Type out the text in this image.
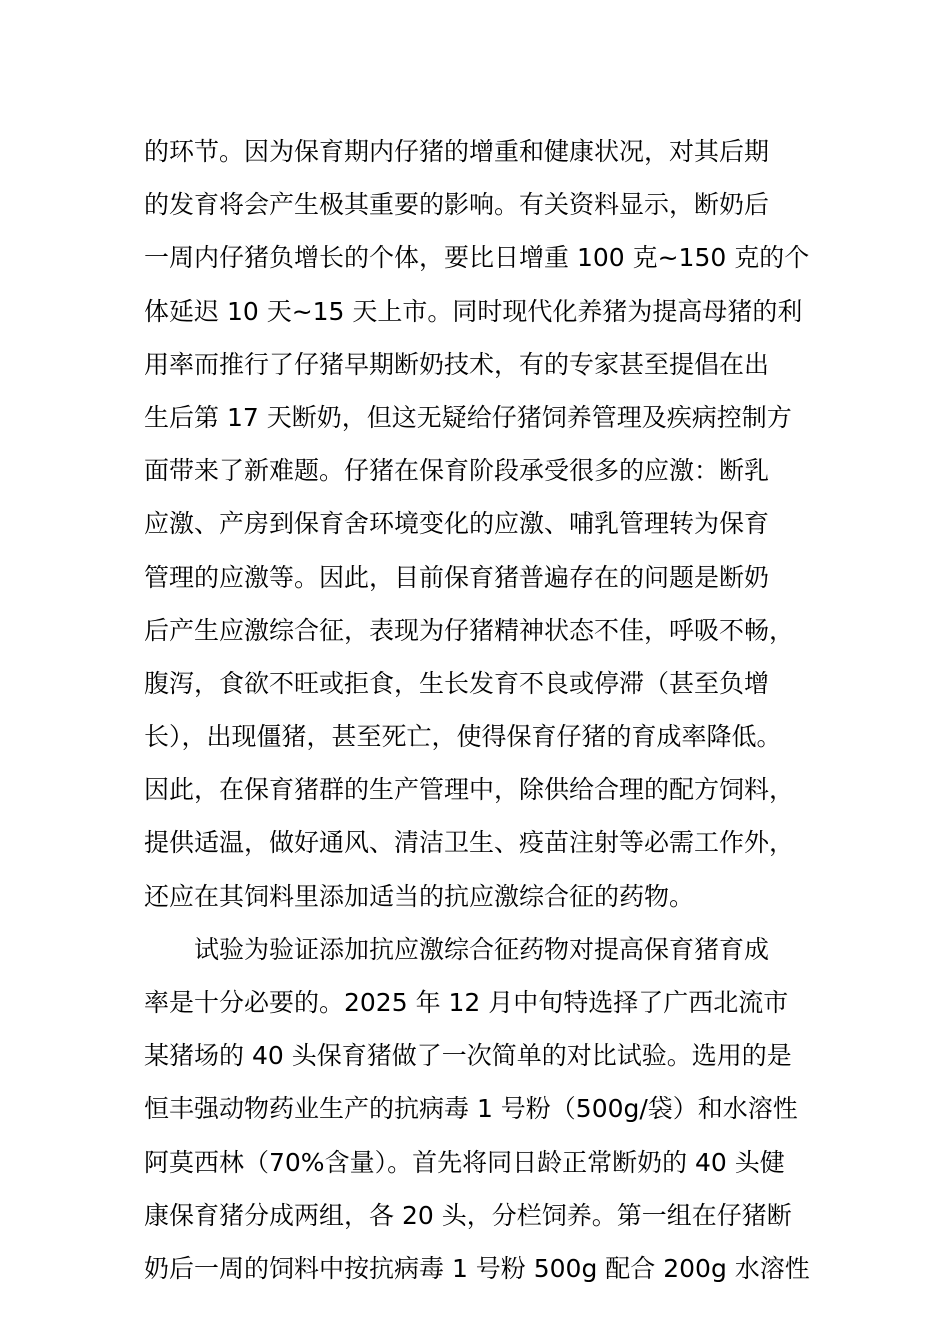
的环节。因为保育期内仔猪的增重和健康状况，对其后期
的发育将会产生极其重要的影响。有关资料显示，断奶后
一周内仔猪负增长的个体，要比日增重 100 克~150 克的个
体延迟 10 天~15 天上市。同时现代化养猪为提高母猪的利
用率而推行了仔猪早期断奶技术，有的专家甚至提倡在出
生后第 17 天断奶，但这无疑给仔猪饲养管理及疾病控制方
面带来了新难题。仔猪在保育阶段承受很多的应激：断乳
应激、产房到保育舍环境变化的应激、哺乳管理转为保育
管理的应激等。因此，目前保育猪普遍存在的问题是断奶
后产生应激综合征，表现为仔猪精神状态不佳，呼吸不畅，
腹泻，食欲不旺或拒食，生长发育不良或停滞（甚至负增
长），出现僵猪，甚至死亡，使得保育仔猪的育成率降低。
因此，在保育猪群的生产管理中，除供给合理的配方饲料，
提供适温，做好通风、清洁卫生、疫苗注射等必需工作外，
还应在其饲料里添加适当的抗应激综合征的药物。
试验为验证添加抗应激综合征药物对提高保育猪育成
率是十分必要的。2025 年 12 月中旬特选择了广西北流市
某猪场的 40 头保育猪做了一次简单的对比试验。选用的是
恒丰强动物药业生产的抗病毒 1 号粉（500g/袋）和水溶性
阿莫西林（70%含量）。首先将同日龄正常断奶的 40 头健
康保育猪分成两组，各 20 头，分栏饲养。第一组在仔猪断
奶后一周的饲料中按抗病毒 1 号粉 500g 配合 200g 水溶性
